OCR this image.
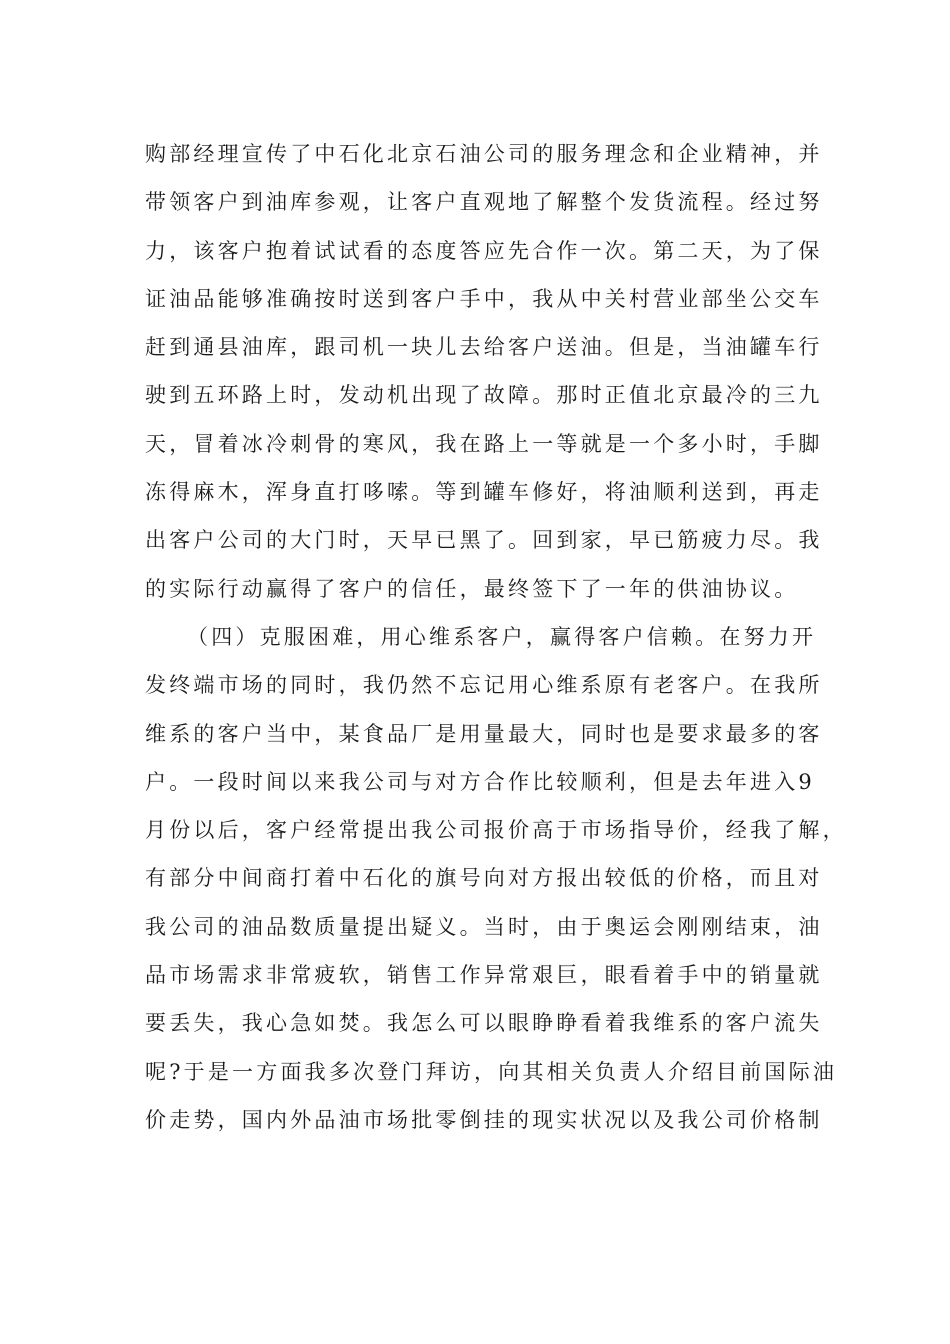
购部经理宣传了中石化北京石油公司的服务理念和企业精神，并
带领客户到油库参观，让客户直观地了解整个发货流程。经过努
力，该客户抱着试试看的态度答应先合作一次。第二天，为了保
证油品能够准确按时送到客户手中，我从中关村营业部坐公交车
赶到通县油库，跟司机一块儿去给客户送油。但是，当油罐车行
驶到五环路上时，发动机出现了故障。那时正值北京最冷的三九
天，冒着冰冷刺骨的寒风，我在路上一等就是一个多小时，手脚
冻得麻木，浑身直打哆嗦。等到罐车修好，将油顺利送到，再走
出客户公司的大门时，天早已黑了。回到家，早已筋疲力尽。我
的实际行动赢得了客户的信任，最终签下了一年的供油协议。
（四）克服困难，用心维系客户，赢得客户信赖。在努力开
发终端市场的同时，我仍然不忘记用心维系原有老客户。在我所
维系的客户当中，某食品厂是用量最大，同时也是要求最多的客
户。一段时间以来我公司与对方合作比较顺利，但是去年进入9
月份以后，客户经常提出我公司报价高于市场指导价，经我了解，
有部分中间商打着中石化的旗号向对方报出较低的价格，而且对
我公司的油品数质量提出疑义。当时，由于奥运会刚刚结束，油
品市场需求非常疲软，销售工作异常艰巨，眼看着手中的销量就
要丢失，我心急如焚。我怎么可以眼睁睁看着我维系的客户流失
呢?于是一方面我多次登门拜访，向其相关负责人介绍目前国际油
价走势，国内外品油市场批零倒挂的现实状况以及我公司价格制
